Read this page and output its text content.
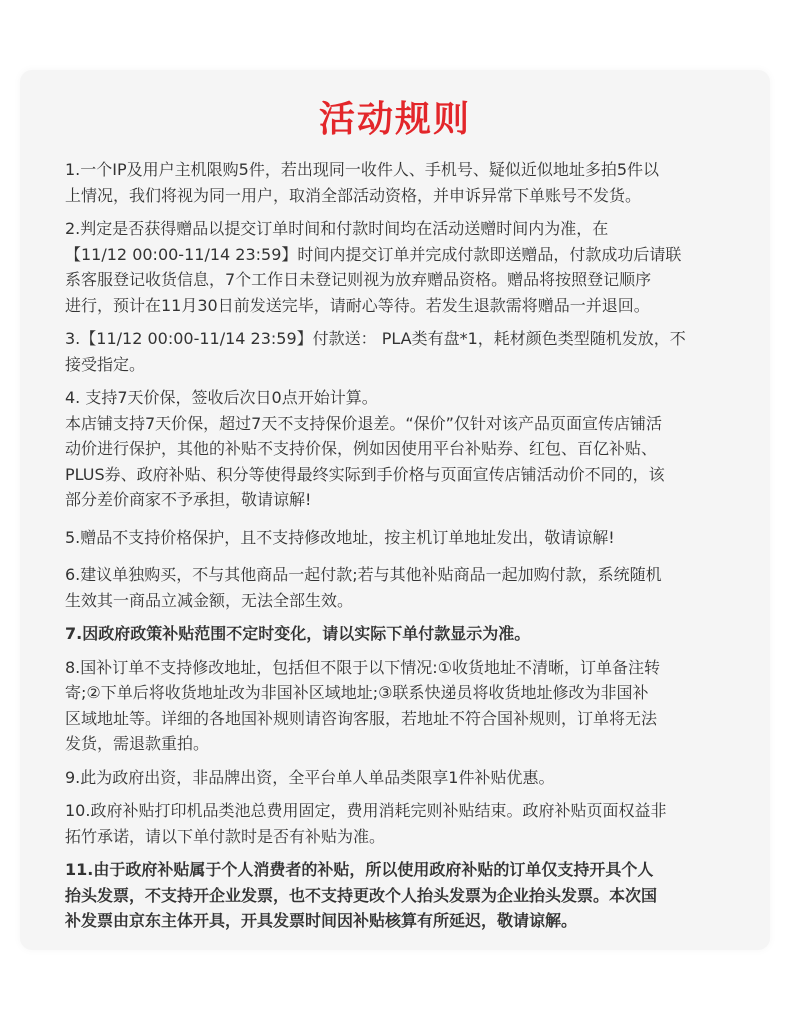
活动规则
1.一个IP及用户主机限购5件，若出现同一收件人、手机号、疑似近似地址多拍5件以
上情况，我们将视为同一用户，取消全部活动资格，并申诉异常下单账号不发货。
2.判定是否获得赠品以提交订单时间和付款时间均在活动送赠时间内为准，在
【11/12 00:00-11/14 23:59】时间内提交订单并完成付款即送赠品，付款成功后请联
系客服登记收货信息，7个工作日未登记则视为放弃赠品资格。赠品将按照登记顺序
进行，预计在11月30日前发送完毕，请耐心等待。若发生退款需将赠品一并退回。
3.【11/12 00:00-11/14 23:59】付款送： PLA类有盘*1，耗材颜色类型随机发放，不
接受指定。
4. 支持7天价保，签收后次日0点开始计算。
本店铺支持7天价保，超过7天不支持保价退差。“保价”仅针对该产品页面宣传店铺活
动价进行保护，其他的补贴不支持价保，例如因使用平台补贴券、红包、百亿补贴、
PLUS券、政府补贴、积分等使得最终实际到手价格与页面宣传店铺活动价不同的，该
部分差价商家不予承担，敬请谅解!
5.赠品不支持价格保护，且不支持修改地址，按主机订单地址发出，敬请谅解!
6.建议单独购买，不与其他商品一起付款;若与其他补贴商品一起加购付款，系统随机
生效其一商品立减金额，无法全部生效。
7.因政府政策补贴范围不定时变化，请以实际下单付款显示为准。
8.国补订单不支持修改地址，包括但不限于以下情况:①收货地址不清晰，订单备注转
寄;②下单后将收货地址改为非国补区域地址;③联系快递员将收货地址修改为非国补
区域地址等。详细的各地国补规则请咨询客服，若地址不符合国补规则，订单将无法
发货，需退款重拍。
9.此为政府出资，非品牌出资，全平台单人单品类限享1件补贴优惠。
10.政府补贴打印机品类池总费用固定，费用消耗完则补贴结束。政府补贴页面权益非
拓竹承诺，请以下单付款时是否有补贴为准。
11.由于政府补贴属于个人消费者的补贴，所以使用政府补贴的订单仅支持开具个人
抬头发票，不支持开企业发票，也不支持更改个人抬头发票为企业抬头发票。本次国
补发票由京东主体开具，开具发票时间因补贴核算有所延迟，敬请谅解。
